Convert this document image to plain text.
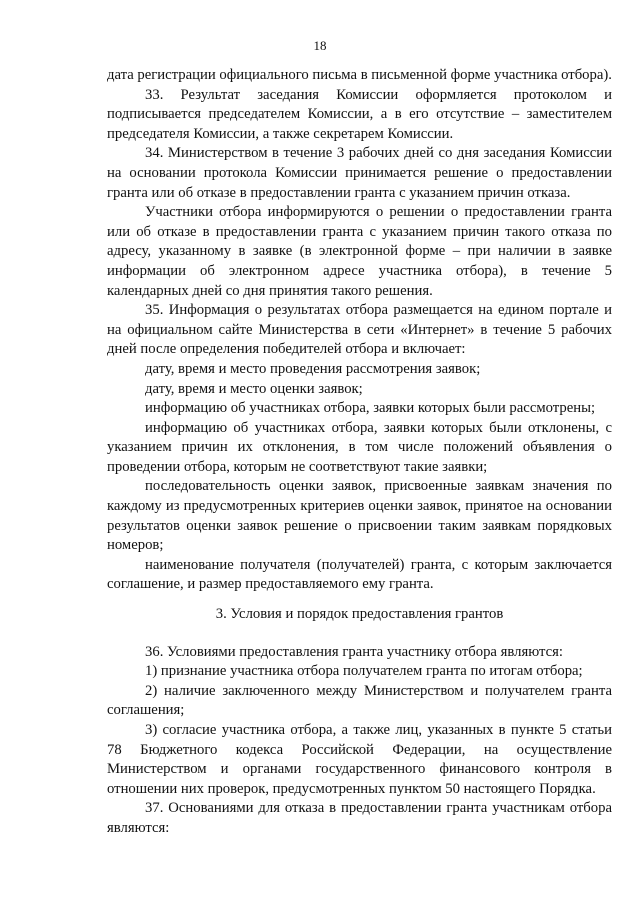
18

дата регистрации официального письма в письменной форме участника отбора).

33. Результат заседания Комиссии оформляется протоколом и подписывается председателем Комиссии, а в его отсутствие – заместителем председателя Комиссии, а также секретарем Комиссии.

34. Министерством в течение 3 рабочих дней со дня заседания Комиссии на основании протокола Комиссии принимается решение о предоставлении гранта или об отказе в предоставлении гранта с указанием причин отказа.

Участники отбора информируются о решении о предоставлении гранта или об отказе в предоставлении гранта с указанием причин такого отказа по адресу, указанному в заявке (в электронной форме – при наличии в заявке информации об электронном адресе участника отбора), в течение 5 календарных дней со дня принятия такого решения.

35. Информация о результатах отбора размещается на едином портале и на официальном сайте Министерства в сети «Интернет» в течение 5 рабочих дней после определения победителей отбора и включает:

дату, время и место проведения рассмотрения заявок;

дату, время и место оценки заявок;

информацию об участниках отбора, заявки которых были рассмотрены;

информацию об участниках отбора, заявки которых были отклонены, с указанием причин их отклонения, в том числе положений объявления о проведении отбора, которым не соответствуют такие заявки;

последовательность оценки заявок, присвоенные заявкам значения по каждому из предусмотренных критериев оценки заявок, принятое на основании результатов оценки заявок решение о присвоении таким заявкам порядковых номеров;

наименование получателя (получателей) гранта, с которым заключается соглашение, и размер предоставляемого ему гранта.

3. Условия и порядок предоставления грантов

36. Условиями предоставления гранта участнику отбора являются:

1) признание участника отбора получателем гранта по итогам отбора;

2) наличие заключенного между Министерством и получателем гранта соглашения;

3) согласие участника отбора, а также лиц, указанных в пункте 5 статьи 78 Бюджетного кодекса Российской Федерации, на осуществление Министерством и органами государственного финансового контроля в отношении них проверок, предусмотренных пунктом 50 настоящего Порядка.

37. Основаниями для отказа в предоставлении гранта участникам отбора являются:
